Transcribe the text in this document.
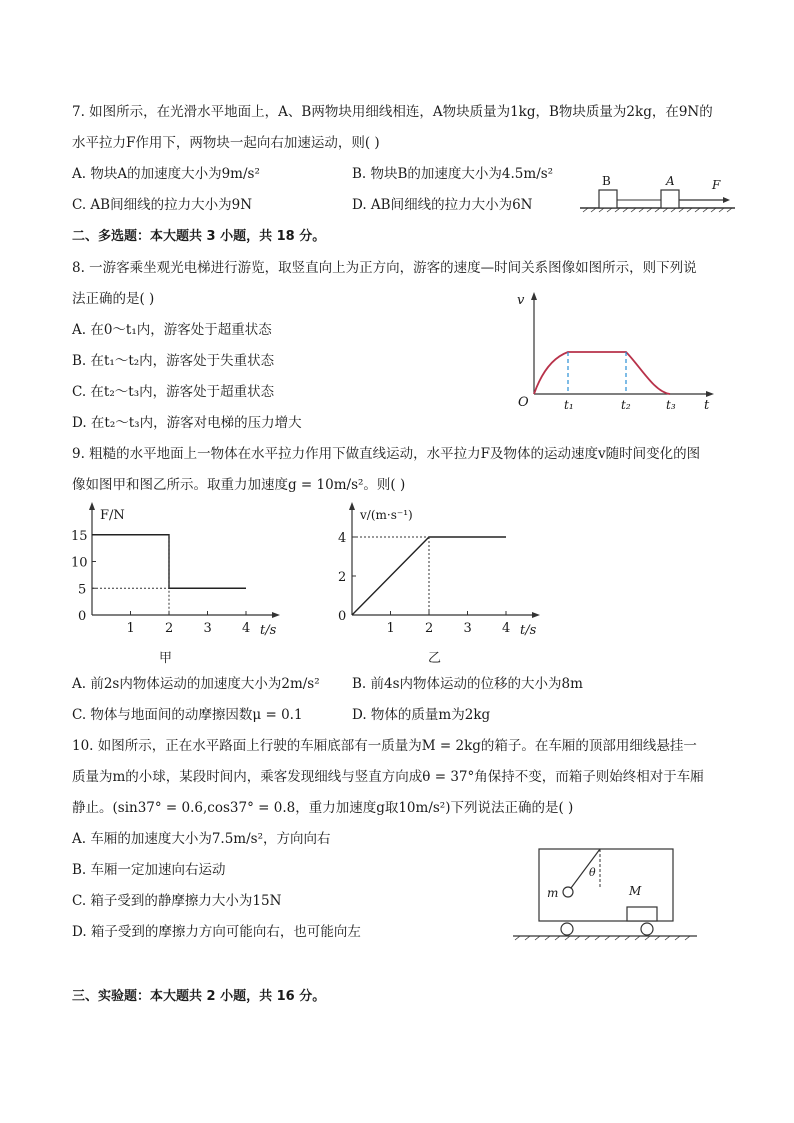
7. 如图所示，在光滑水平地面上，A、B两物块用细线相连，A物块质量为1kg，B物块质量为2kg，在9N的
水平拉力F作用下，两物块一起向右加速运动，则( )
A. 物块A的加速度大小为9m/s²	B. 物块B的加速度大小为4.5m/s²
C. AB间细线的拉力大小为9N	D. AB间细线的拉力大小为6N
B	A	F
二、多选题：本大题共 3 小题，共 18 分。
8. 一游客乘坐观光电梯进行游览，取竖直向上为正方向，游客的速度—时间关系图像如图所示，则下列说
法正确的是( )
A. 在0～t₁内，游客处于超重状态
B. 在t₁～t₂内，游客处于失重状态
C. 在t₂～t₃内，游客处于超重状态
D. 在t₂～t₃内，游客对电梯的压力增大
v
t
O	t₁	t₂	t₃
9. 粗糙的水平地面上一物体在水平拉力作用下做直线运动，水平拉力F及物体的运动速度v随时间变化的图
像如图甲和图乙所示。取重力加速度g = 10m/s²。则( )
F/N
t/s
甲
1 2 3 4
0
5
10
15
v/(m·s⁻¹)
t/s
乙
1 2 3 4
0
2
4
A. 前2s内物体运动的加速度大小为2m/s² B. 前4s内物体运动的位移的大小为8m
C. 物体与地面间的动摩擦因数μ = 0.1	D. 物体的质量m为2kg
10. 如图所示，正在水平路面上行驶的车厢底部有一质量为M = 2kg的箱子。在车厢的顶部用细线悬挂一
质量为m的小球，某段时间内，乘客发现细线与竖直方向成θ = 37°角保持不变，而箱子则始终相对于车厢
静止。(sin37° = 0.6,cos37° = 0.8，重力加速度g取10m/s²)下列说法正确的是( )
A. 车厢的加速度大小为7.5m/s²，方向向右
B. 车厢一定加速向右运动
C. 箱子受到的静摩擦力大小为15N
D. 箱子受到的摩擦力方向可能向右，也可能向左
m
θ
M
三、实验题：本大题共 2 小题，共 16 分。
